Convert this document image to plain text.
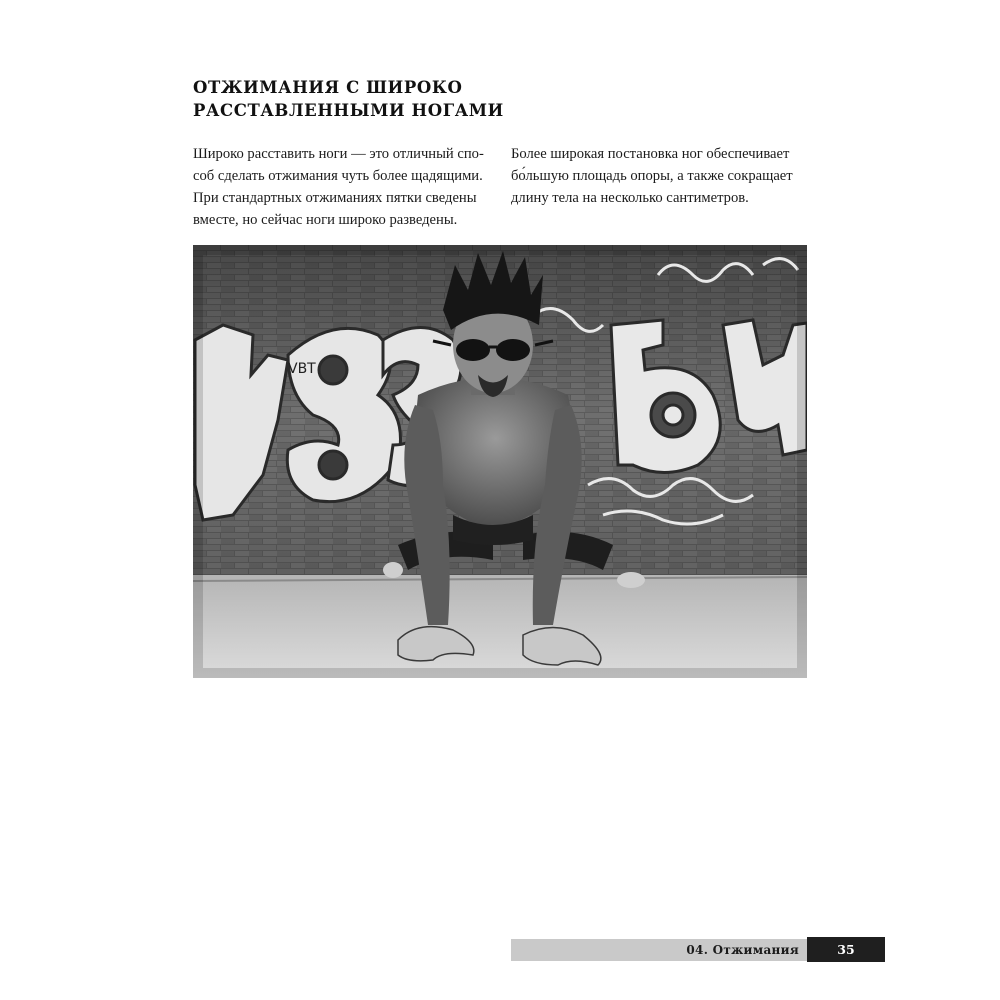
ОТЖИМАНИЯ С ШИРОКО РАССТАВЛЕННЫМИ НОГАМИ

Широко расставить ноги — это отличный спо-
соб сделать отжимания чуть более щадящими.
При стандартных отжиманиях пятки сведены
вместе, но сейчас ноги широко разведены.

Более широкая постановка ног обеспечивает
бо́льшую площадь опоры, а также сокращает
длину тела на несколько сантиметров.

VBT
04. Отжимания	35
